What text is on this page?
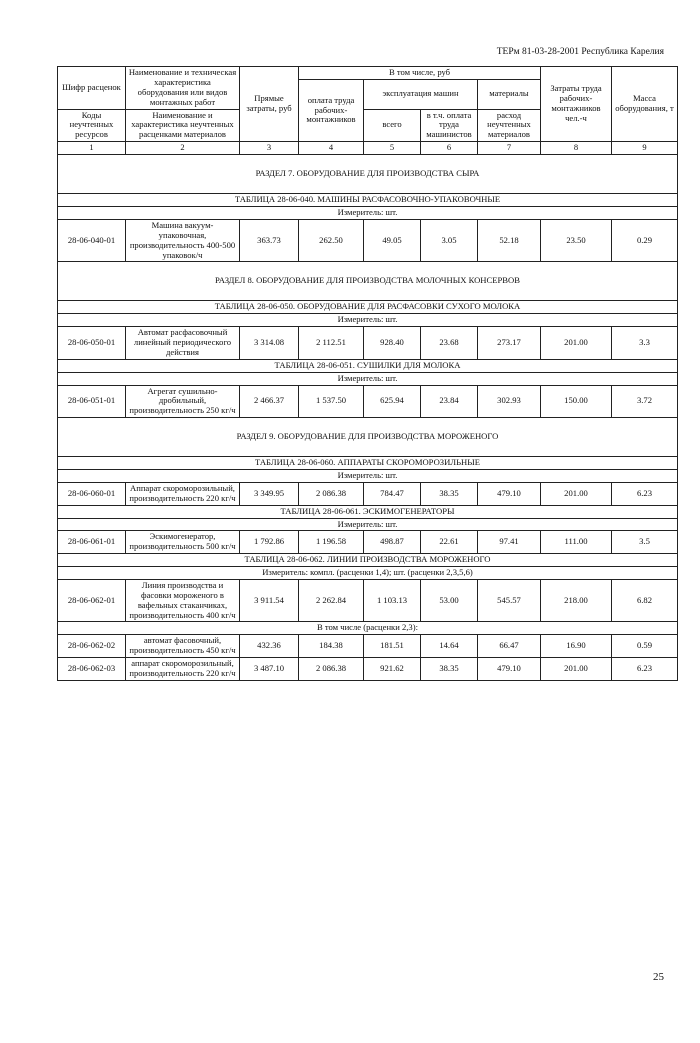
ТЕРм 81-03-28-2001 Республика Карелия
Шифр расценок	Наименование и техническая характеристика оборудования или видов монтажных работ	Прямые затраты, руб	В том числе, руб				Затраты труда рабочих-монтажников чел.-ч	Масса оборудования, т
			оплата труда рабочих-монтажников	эксплуатация машин		материалы		
Коды неучтенных ресурсов	Наименование и характеристика неучтенных расценками материалов			всего	в т.ч. оплата труда машинистов	расход неучтенных материалов		

1	2	3	4	5	6	7	8	9
РАЗДЕЛ 7. ОБОРУДОВАНИЕ ДЛЯ ПРОИЗВОДСТВА СЫРА								
ТАБЛИЦА 28-06-040. МАШИНЫ РАСФАСОВОЧНО-УПАКОВОЧНЫЕ								
Измеритель: шт.								
28-06-040-01	Машина вакуум-упаковочная, производительность 400-500 упаковок/ч	363.73	262.50	49.05	3.05	52.18	23.50	0.29
РАЗДЕЛ 8. ОБОРУДОВАНИЕ ДЛЯ ПРОИЗВОДСТВА МОЛОЧНЫХ КОНСЕРВОВ								
ТАБЛИЦА 28-06-050. ОБОРУДОВАНИЕ ДЛЯ РАСФАСОВКИ СУХОГО МОЛОКА								
Измеритель: шт.								
28-06-050-01	Автомат расфасовочный линейный периодического действия	3 314.08	2 112.51	928.40	23.68	273.17	201.00	3.3
ТАБЛИЦА 28-06-051. СУШИЛКИ ДЛЯ МОЛОКА								
Измеритель: шт.								
28-06-051-01	Агрегат сушильно-дробильный, производительность 250 кг/ч	2 466.37	1 537.50	625.94	23.84	302.93	150.00	3.72
РАЗДЕЛ 9. ОБОРУДОВАНИЕ ДЛЯ ПРОИЗВОДСТВА МОРОЖЕНОГО								
ТАБЛИЦА 28-06-060. АППАРАТЫ СКОРОМОРОЗИЛЬНЫЕ								
Измеритель: шт.								
28-06-060-01	Аппарат скороморозильный, производительность 220 кг/ч	3 349.95	2 086.38	784.47	38.35	479.10	201.00	6.23
ТАБЛИЦА 28-06-061. ЭСКИМОГЕНЕРАТОРЫ								
Измеритель: шт.								
28-06-061-01	Эскимогенератор, производительность 500 кг/ч	1 792.86	1 196.58	498.87	22.61	97.41	111.00	3.5
ТАБЛИЦА 28-06-062. ЛИНИИ ПРОИЗВОДСТВА МОРОЖЕНОГО								
Измеритель: компл. (расценки 1,4); шт. (расценки 2,3,5,6)								
28-06-062-01	Линия производства и фасовки мороженого в вафельных стаканчиках, производительность 400 кг/ч	3 911.54	2 262.84	1 103.13	53.00	545.57	218.00	6.82
В том числе (расценки 2,3):								
28-06-062-02	автомат фасовочный, производительность 450 кг/ч	432.36	184.38	181.51	14.64	66.47	16.90	0.59
28-06-062-03	аппарат скороморозильный, производительность 220 кг/ч	3 487.10	2 086.38	921.62	38.35	479.10	201.00	6.23
25
